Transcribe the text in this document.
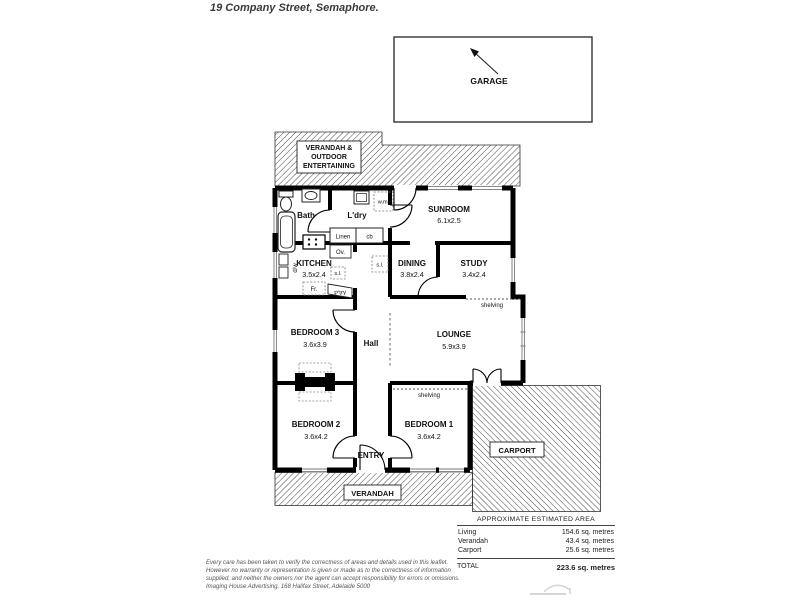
19 Company Street, Semaphore.
GARAGE
VERANDAH &
OUTDOOR
ENTERTAINING
VERANDAH
CARPORT
shelving
shelving
w.m.
Linen	cb
Ov.
s.l.
d/w
Fr.	P'try
s.l.
Bath	L'dry
SUNROOM
6.1x2.5
KITCHEN
3.5x2.4
DINING
3.8x2.4
STUDY
3.4x2.4
BEDROOM 3
3.6x3.9	Hall
LOUNGE
5.9x3.9
BEDROOM 2
3.6x4.2
BEDROOM 1
3.6x4.2
ENTRY
APPROXIMATE ESTIMATED AREA
Living	154.6 sq. metres
Verandah	43.4 sq. metres
Carport	25.6 sq. metres
TOTAL	223.6 sq. metres
Every care has been taken to verify the correctness of areas and details used in this leaflet.
However no warranty or representation is given or made as to the correctness of information
supplied, and neither the owners nor the agent can accept responsibility for errors or omissions.
Imaging House Advertising, 168 Halifax Street, Adelaide 5000
